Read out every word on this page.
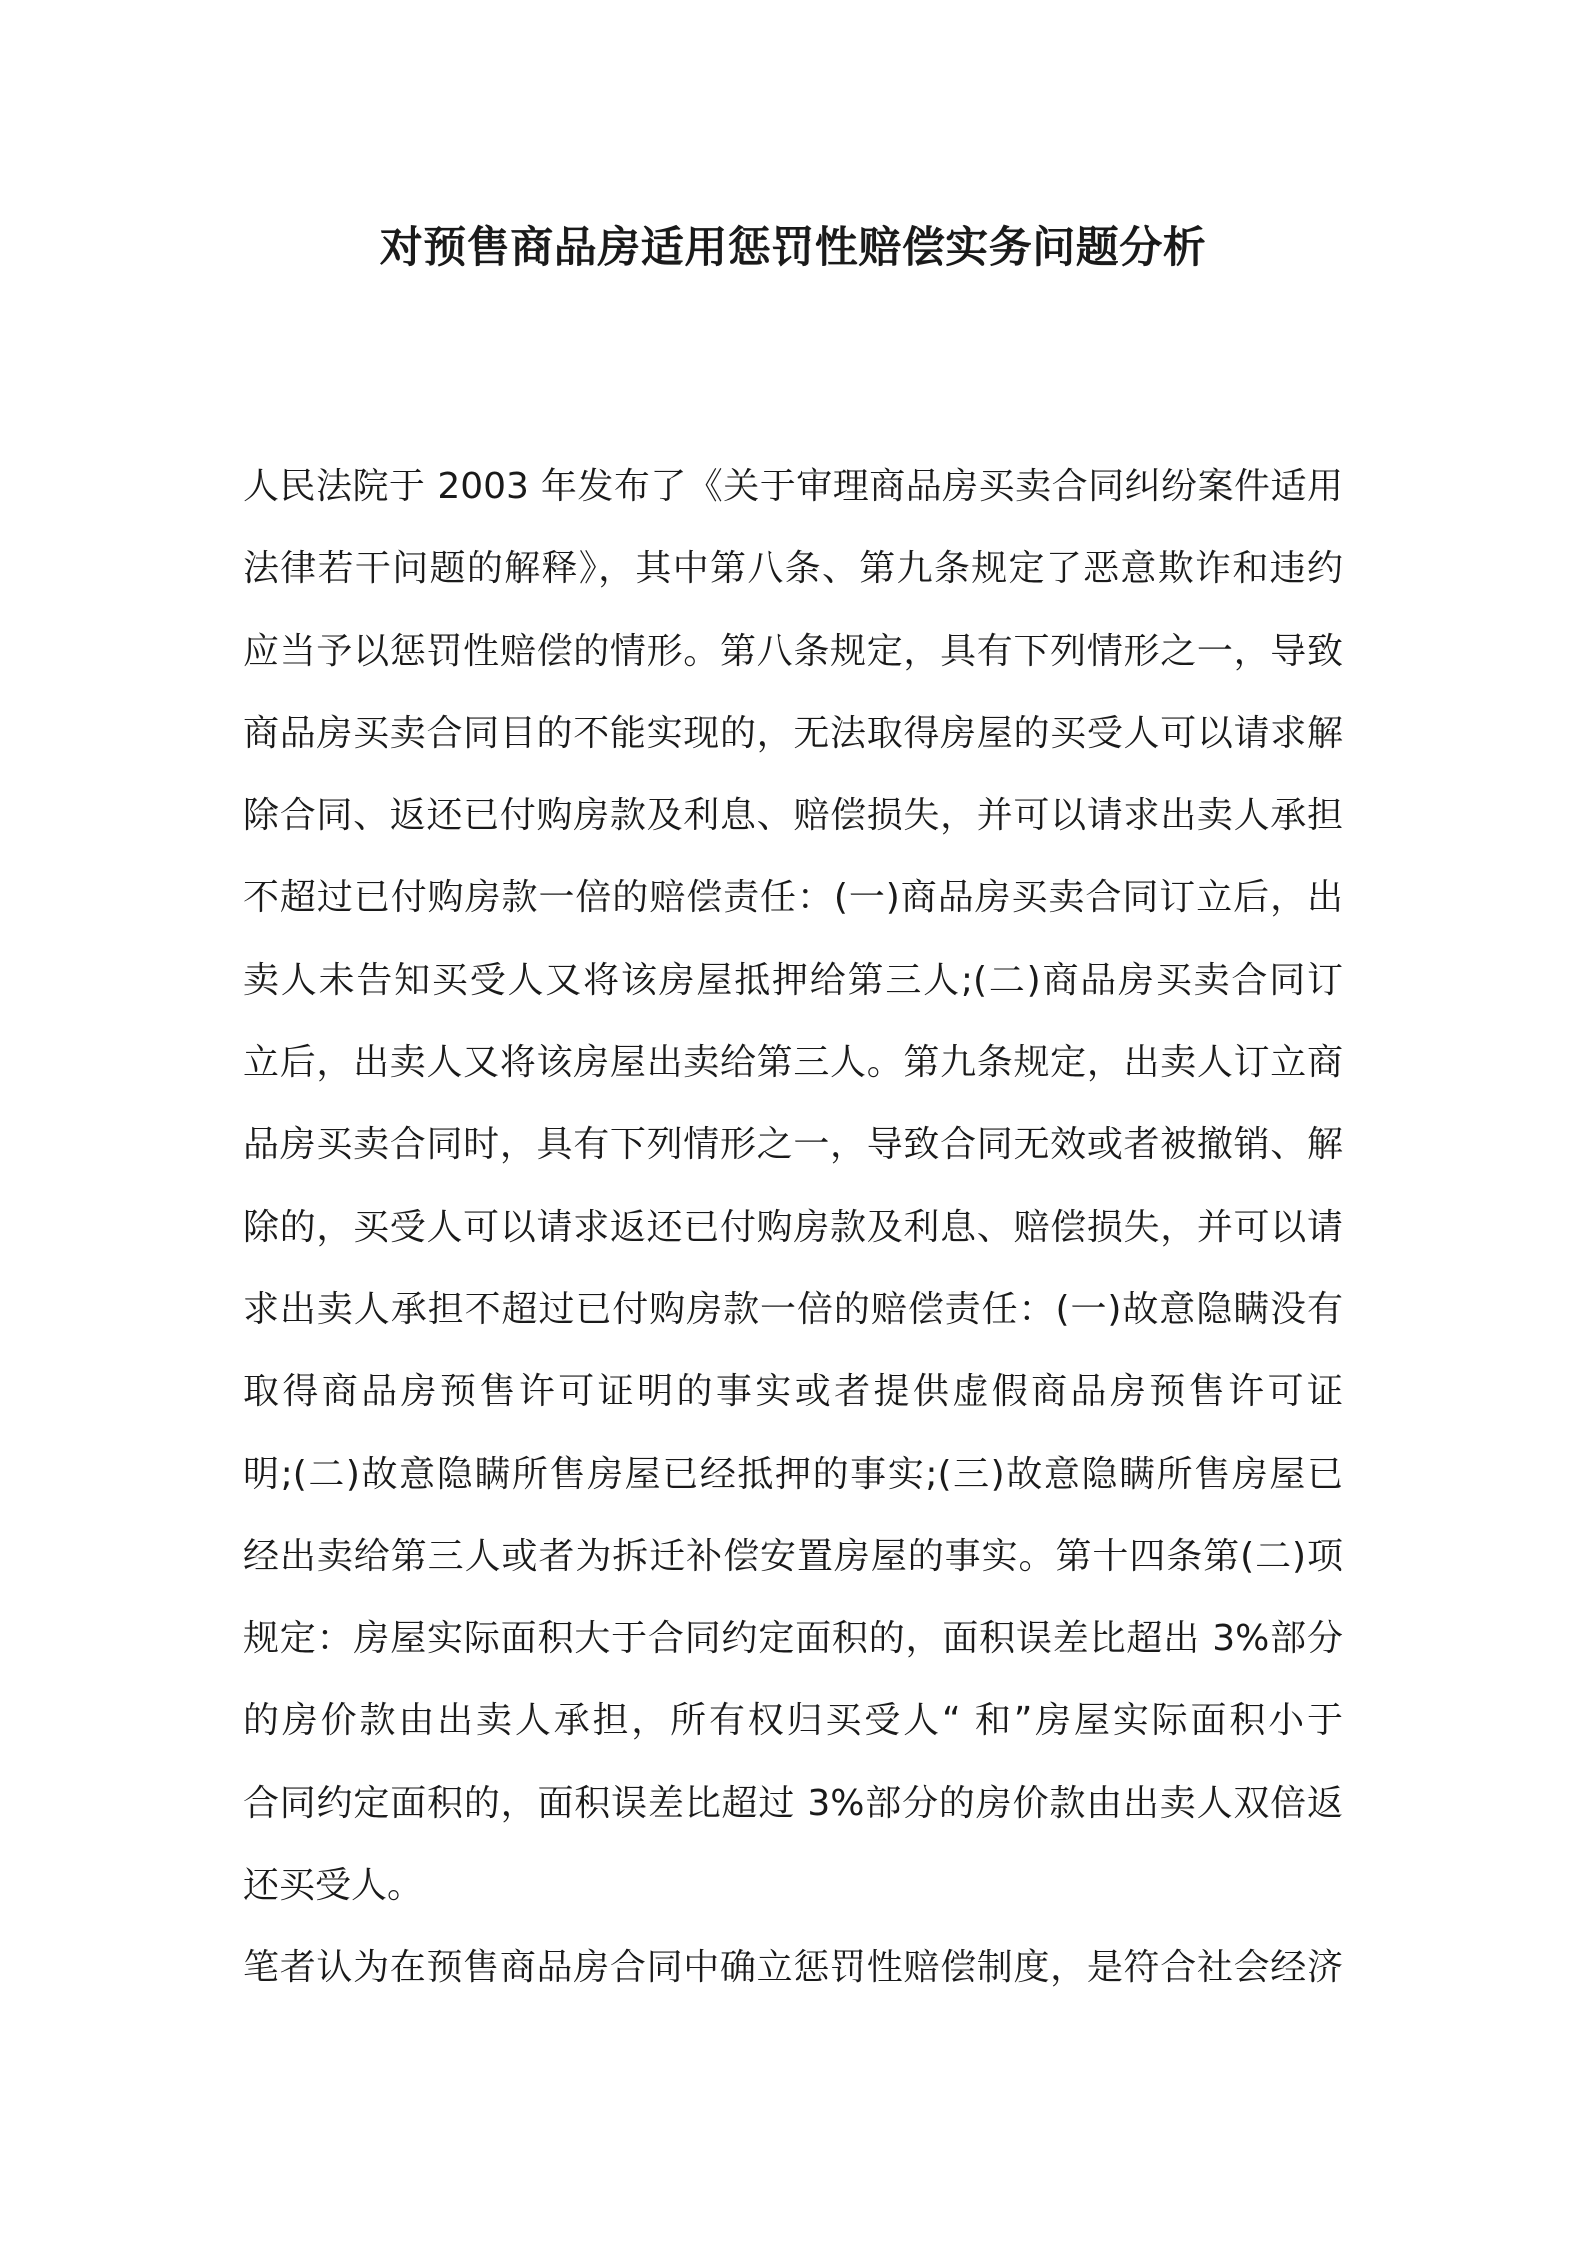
对预售商品房适用惩罚性赔偿实务问题分析
人民法院于 2003 年发布了《关于审理商品房买卖合同纠纷案件适用
法律若干问题的解释》，其中第八条、第九条规定了恶意欺诈和违约
应当予以惩罚性赔偿的情形。第八条规定，具有下列情形之一，导致
商品房买卖合同目的不能实现的，无法取得房屋的买受人可以请求解
除合同、返还已付购房款及利息、赔偿损失，并可以请求出卖人承担
不超过已付购房款一倍的赔偿责任：(一)商品房买卖合同订立后，出
卖人未告知买受人又将该房屋抵押给第三人;(二)商品房买卖合同订
立后，出卖人又将该房屋出卖给第三人。第九条规定，出卖人订立商
品房买卖合同时，具有下列情形之一，导致合同无效或者被撤销、解
除的，买受人可以请求返还已付购房款及利息、赔偿损失，并可以请
求出卖人承担不超过已付购房款一倍的赔偿责任：(一)故意隐瞒没有
取得商品房预售许可证明的事实或者提供虚假商品房预售许可证
明;(二)故意隐瞒所售房屋已经抵押的事实;(三)故意隐瞒所售房屋已
经出卖给第三人或者为拆迁补偿安置房屋的事实。第十四条第(二)项
规定：房屋实际面积大于合同约定面积的，面积误差比超出 3%部分
的房价款由出卖人承担，所有权归买受人“ 和”房屋实际面积小于
合同约定面积的，面积误差比超过 3%部分的房价款由出卖人双倍返
还买受人。
笔者认为在预售商品房合同中确立惩罚性赔偿制度，是符合社会经济
